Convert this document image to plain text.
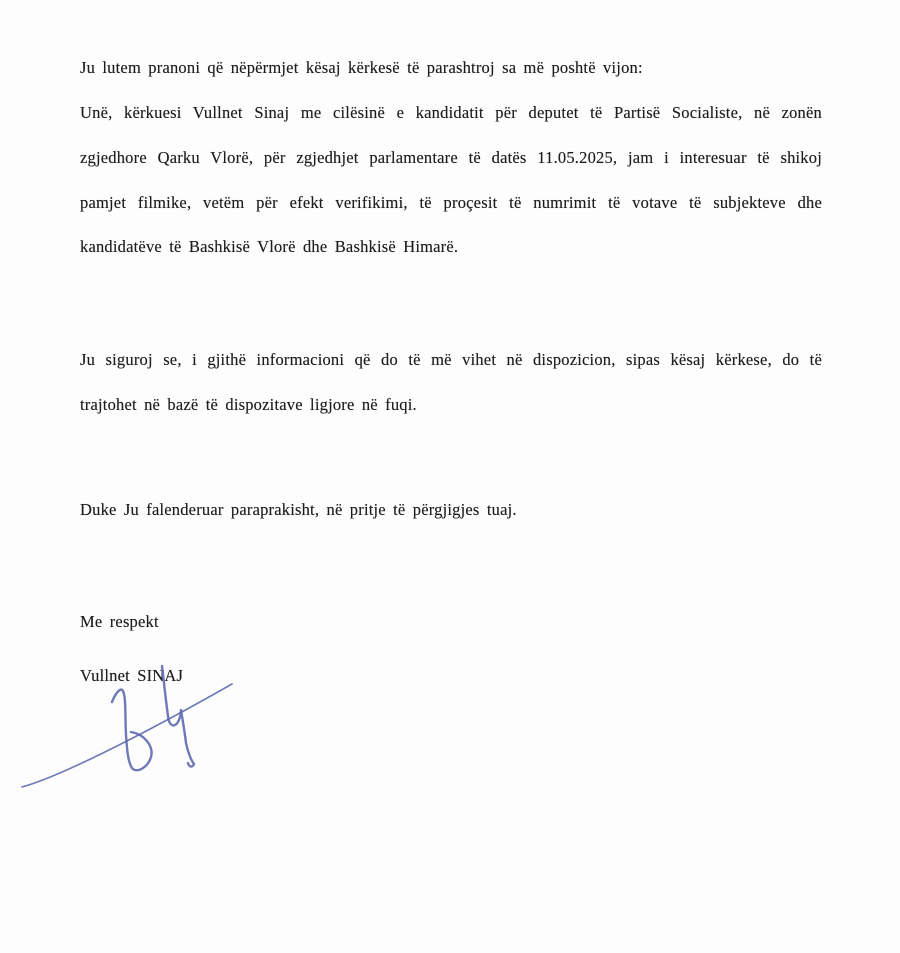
Ju lutem pranoni që nëpërmjet kësaj kërkesë të parashtroj sa më poshtë vijon:
Unë, kërkuesi Vullnet Sinaj me cilësinë e kandidatit për deputet të Partisë Socialiste, në zonën
zgjedhore Qarku Vlorë, për zgjedhjet parlamentare të datës 11.05.2025, jam i interesuar të shikoj
pamjet filmike, vetëm për efekt verifikimi, të proçesit të numrimit të votave të subjekteve dhe
kandidatëve të Bashkisë Vlorë dhe Bashkisë Himarë.
Ju siguroj se, i gjithë informacioni që do të më vihet në dispozicion, sipas kësaj kërkese, do të
trajtohet në bazë të dispozitave ligjore në fuqi.
Duke Ju falenderuar paraprakisht, në pritje të përgjigjes tuaj.
Me respekt
Vullnet SINAJ
